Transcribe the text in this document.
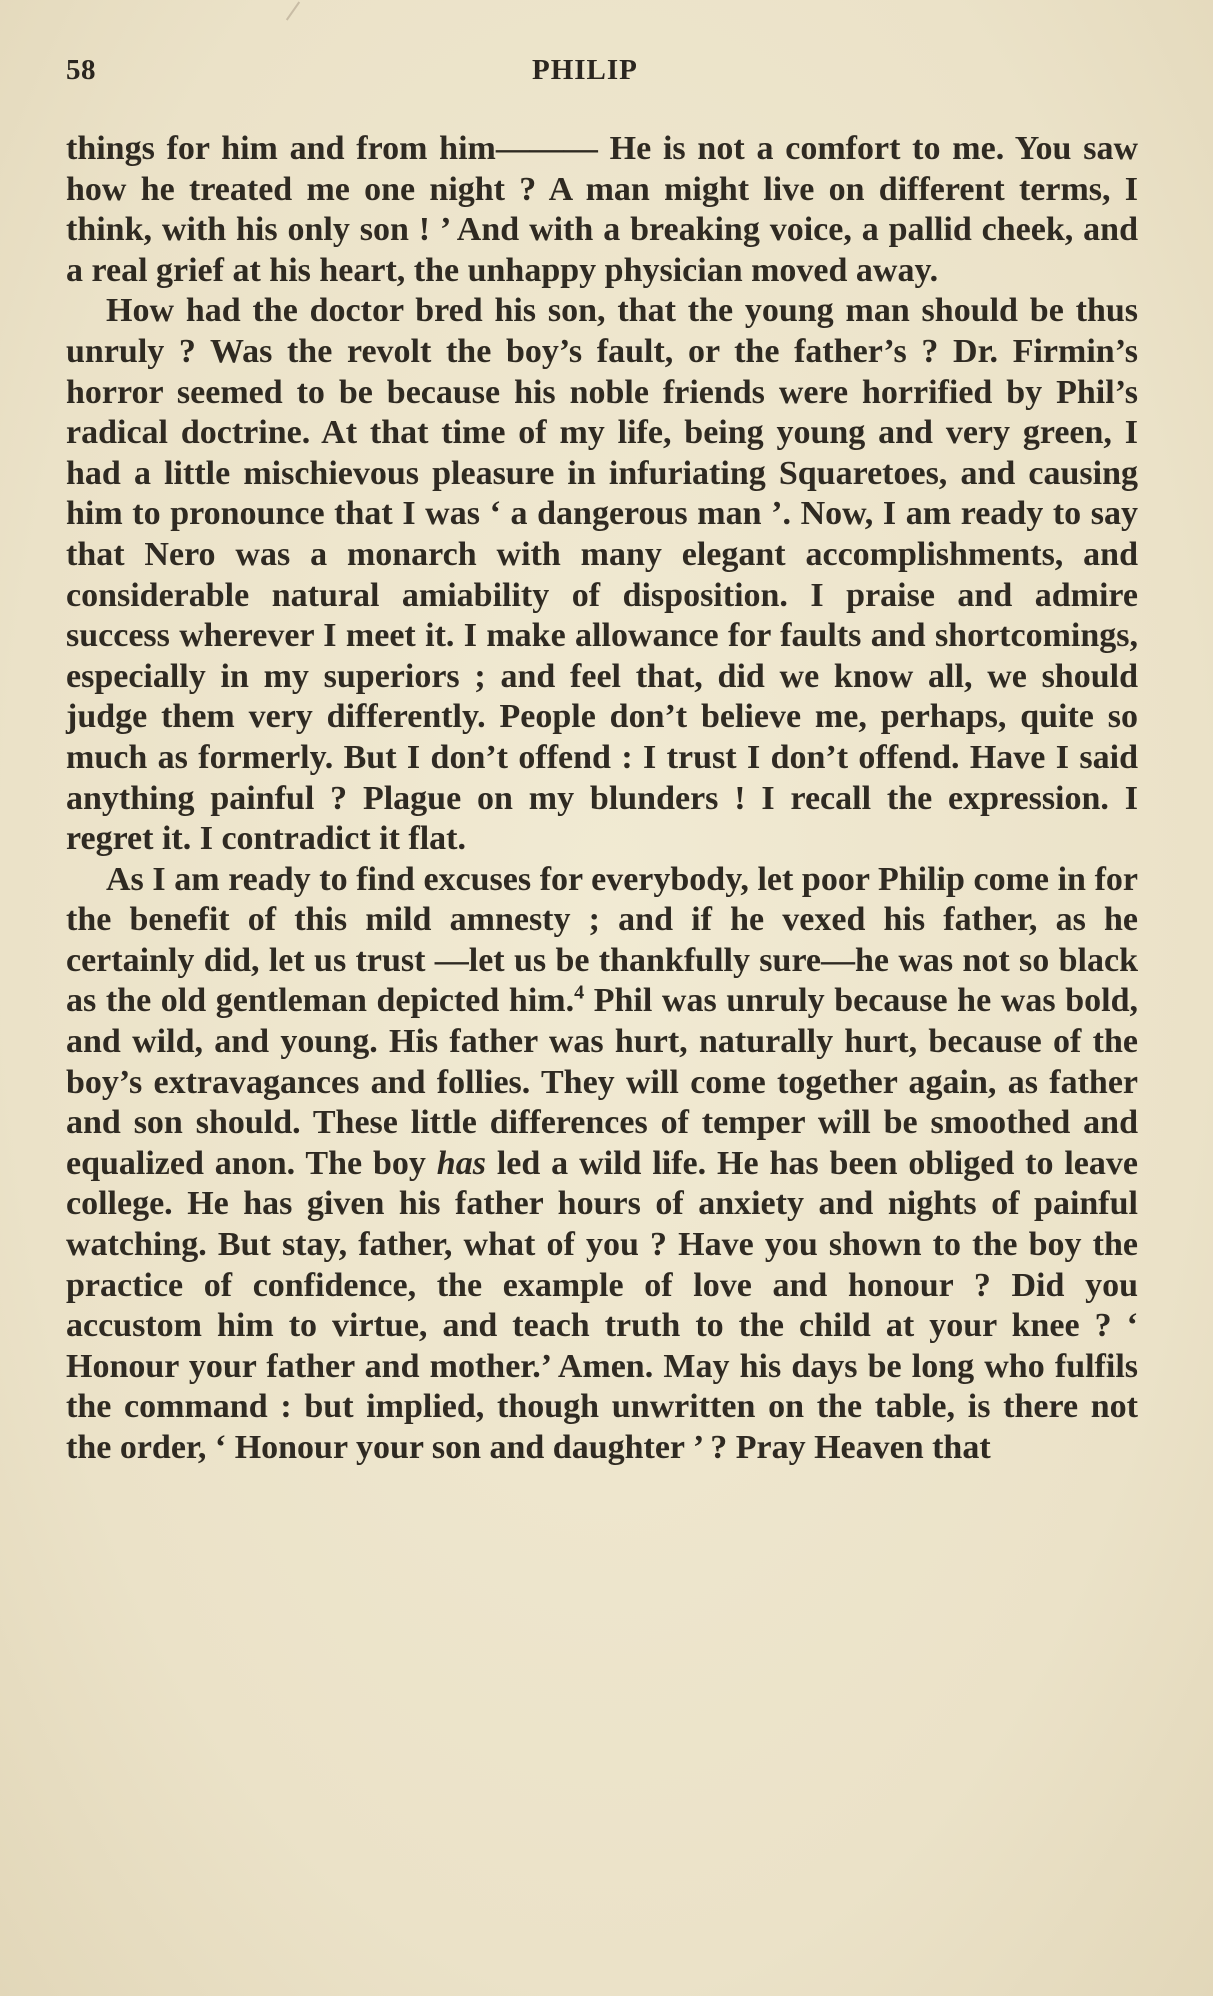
58	PHILIP

things for him and from him——— He is not a comfort to me. You saw how he treated me one night ? A man might live on different terms, I think, with his only son ! ’ And with a breaking voice, a pallid cheek, and a real grief at his heart, the unhappy physician moved away.

How had the doctor bred his son, that the young man should be thus unruly ? Was the revolt the boy’s fault, or the father’s ? Dr. Firmin’s horror seemed to be because his noble friends were horrified by Phil’s radical doctrine. At that time of my life, being young and very green, I had a little mischievous pleasure in infuriating Squaretoes, and causing him to pronounce that I was ‘ a dangerous man ’. Now, I am ready to say that Nero was a monarch with many elegant accomplishments, and considerable natural amiability of disposition. I praise and admire success wherever I meet it. I make allowance for faults and shortcomings, especially in my superiors ; and feel that, did we know all, we should judge them very differently. People don’t believe me, perhaps, quite so much as formerly. But I don’t offend : I trust I don’t offend. Have I said anything painful ? Plague on my blunders ! I recall the expression. I regret it. I contradict it flat.

As I am ready to find excuses for everybody, let poor Philip come in for the benefit of this mild amnesty ; and if he vexed his father, as he certainly did, let us trust —let us be thankfully sure—he was not so black as the old gentleman depicted him.$^4$ Phil was unruly because he was bold, and wild, and young. His father was hurt, naturally hurt, because of the boy’s extravagances and follies. They will come together again, as father and son should. These little differences of temper will be smoothed and equalized anon. The boy has led a wild life. He has been obliged to leave college. He has given his father hours of anxiety and nights of painful watching. But stay, father, what of you ? Have you shown to the boy the practice of confidence, the example of love and honour ? Did you accustom him to virtue, and teach truth to the child at your knee ? ‘ Honour your father and mother.’ Amen. May his days be long who fulfils the command : but implied, though unwritten on the table, is there not the order, ‘ Honour your son and daughter ’ ? Pray Heaven that
